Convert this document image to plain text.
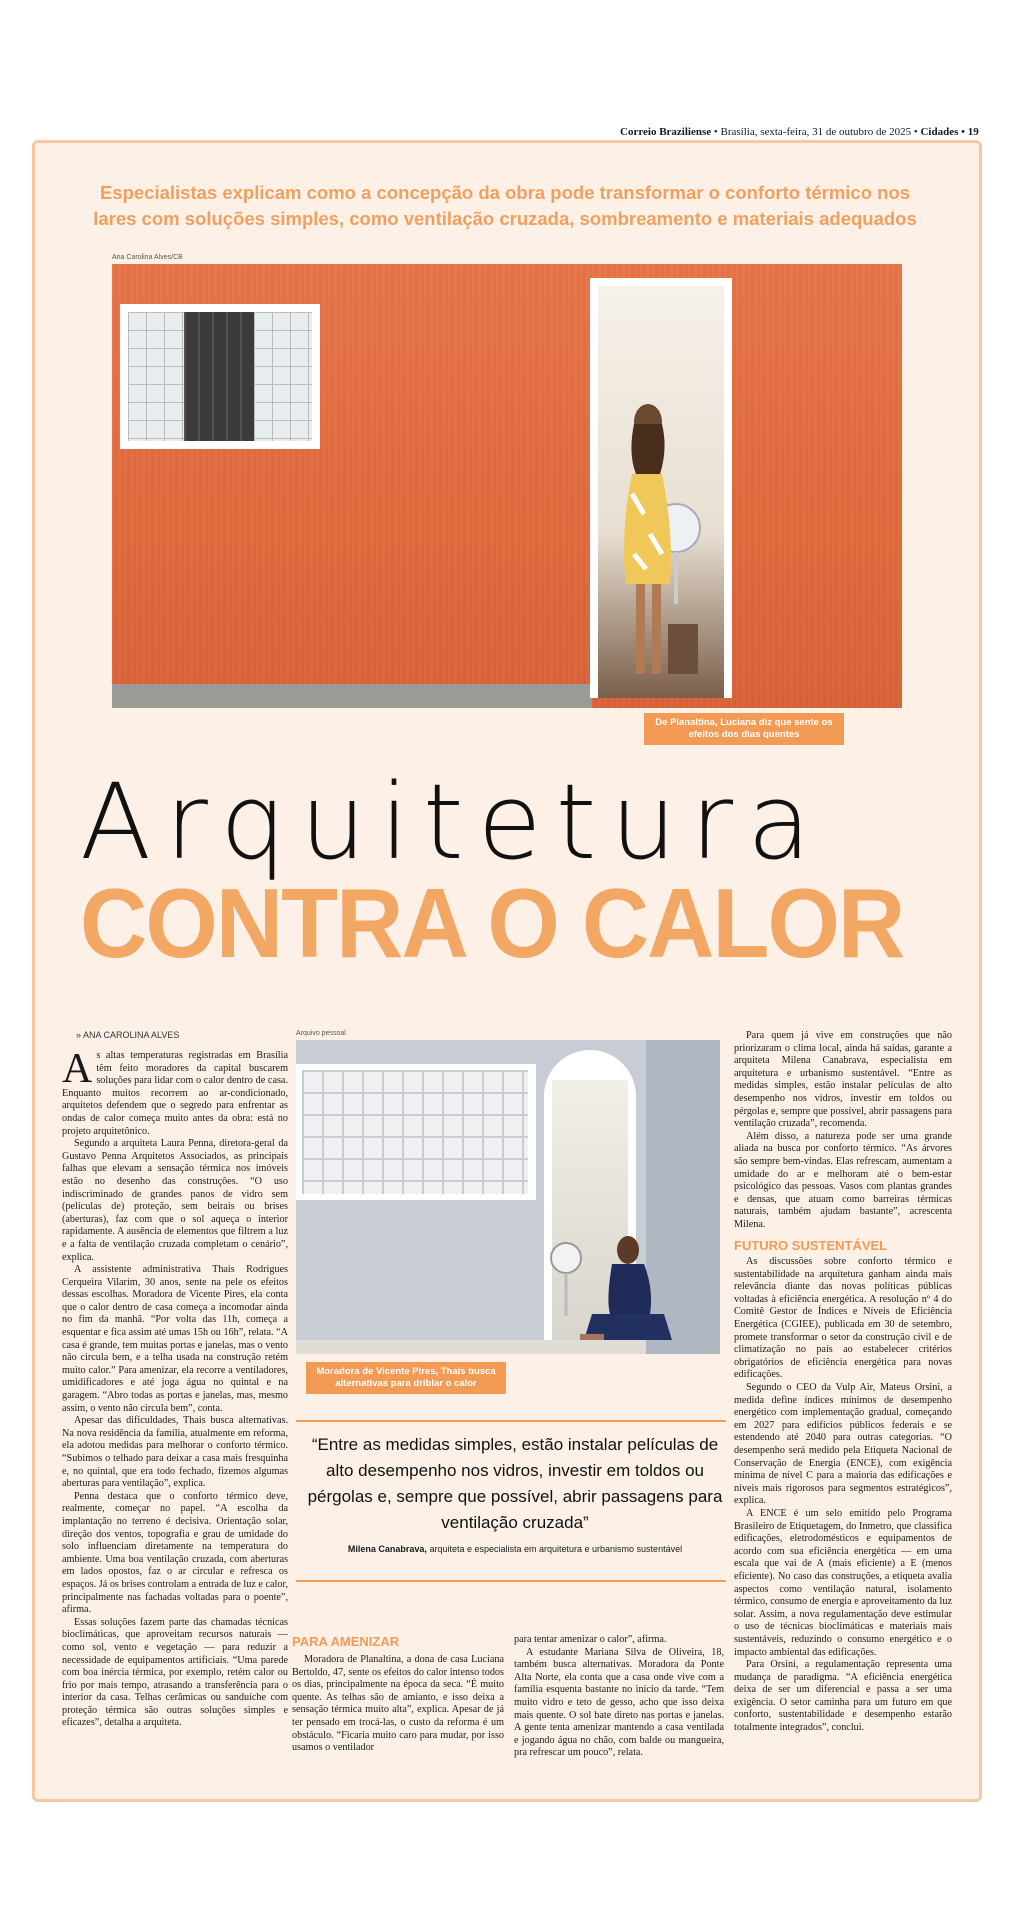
Correio Braziliense • Brasília, sexta-feira, 31 de outubro de 2025 • Cidades • 19
Especialistas explicam como a concepção da obra pode transformar o conforto térmico nos lares com soluções simples, como ventilação cruzada, sombreamento e materiais adequados
Ana Carolina Alves/CB
De Planaltina, Luciana diz que sente os efeitos dos dias quentes
Arquitetura
CONTRA O CALOR
» ANA CAROLINA ALVES

As altas temperaturas registradas em Brasília têm feito moradores da capital buscarem soluções para lidar com o calor dentro de casa. Enquanto muitos recorrem ao ar-condicionado, arquitetos defendem que o segredo para enfrentar as ondas de calor começa muito antes da obra: está no projeto arquitetônico.

Segundo a arquiteta Laura Penna, diretora-geral da Gustavo Penna Arquitetos Associados, as principais falhas que elevam a sensação térmica nos imóveis estão no desenho das construções. “O uso indiscriminado de grandes panos de vidro sem (películas de) proteção, sem beirais ou brises (aberturas), faz com que o sol aqueça o interior rapidamente. A ausência de elementos que filtrem a luz e a falta de ventilação cruzada completam o cenário”, explica.

A assistente administrativa Thais Rodrigues Cerqueira Vilarim, 30 anos, sente na pele os efeitos dessas escolhas. Moradora de Vicente Pires, ela conta que o calor dentro de casa começa a incomodar ainda no fim da manhã. “Por volta das 11h, começa a esquentar e fica assim até umas 15h ou 16h”, relata. “A casa é grande, tem muitas portas e janelas, mas o vento não circula bem, e a telha usada na construção retém muito calor.” Para amenizar, ela recorre a ventiladores, umidificadores e até joga água no quintal e na garagem. “Abro todas as portas e janelas, mas, mesmo assim, o vento não circula bem”, conta.

Apesar das dificuldades, Thais busca alternativas. Na nova residência da família, atualmente em reforma, ela adotou medidas para melhorar o conforto térmico. “Subimos o telhado para deixar a casa mais fresquinha e, no quintal, que era todo fechado, fizemos algumas aberturas para ventilação”, explica.

Penna destaca que o conforto térmico deve, realmente, começar no papel. “A escolha da implantação no terreno é decisiva. Orientação solar, direção dos ventos, topografia e grau de umidade do solo influenciam diretamente na temperatura do ambiente. Uma boa ventilação cruzada, com aberturas em lados opostos, faz o ar circular e refresca os espaços. Já os brises controlam a entrada de luz e calor, principalmente nas fachadas voltadas para o poente”, afirma.

Essas soluções fazem parte das chamadas técnicas bioclimáticas, que aproveitam recursos naturais — como sol, vento e vegetação — para reduzir a necessidade de equipamentos artificiais. “Uma parede com boa inércia térmica, por exemplo, retém calor ou frio por mais tempo, atrasando a transferência para o interior da casa. Telhas cerâmicas ou sanduíche com proteção térmica são outras soluções simples e eficazes”, detalha a arquiteta.

Arquivo pessoal
Moradora de Vicente Pires, Thais busca alternativas para driblar o calor
“Entre as medidas simples, estão instalar películas de alto desempenho nos vidros, investir em toldos ou pérgolas e, sempre que possível, abrir passagens para ventilação cruzada”
Milena Canabrava, arquiteta e especialista em arquitetura e urbanismo sustentável
PARA AMENIZAR

Moradora de Planaltina, a dona de casa Luciana Bertoldo, 47, sente os efeitos do calor intenso todos os dias, principalmente na época da seca. “É muito quente. As telhas são de amianto, e isso deixa a sensação térmica muito alta”, explica. Apesar de já ter pensado em trocá-las, o custo da reforma é um obstáculo. “Ficaria muito caro para mudar, por isso usamos o ventilador

para tentar amenizar o calor”, afirma.

A estudante Mariana Silva de Oliveira, 18, também busca alternativas. Moradora da Ponte Alta Norte, ela conta que a casa onde vive com a família esquenta bastante no início da tarde. “Tem muito vidro e teto de gesso, acho que isso deixa mais quente. O sol bate direto nas portas e janelas. A gente tenta amenizar mantendo a casa ventilada e jogando água no chão, com balde ou mangueira, pra refrescar um pouco”, relata.

Para quem já vive em construções que não priorizaram o clima local, ainda há saídas, garante a arquiteta Milena Canabrava, especialista em arquitetura e urbanismo sustentável. “Entre as medidas simples, estão instalar películas de alto desempenho nos vidros, investir em toldos ou pérgolas e, sempre que possível, abrir passagens para ventilação cruzada”, recomenda.

Além disso, a natureza pode ser uma grande aliada na busca por conforto térmico. “As árvores são sempre bem-vindas. Elas refrescam, aumentam a umidade do ar e melhoram até o bem-estar psicológico das pessoas. Vasos com plantas grandes e densas, que atuam como barreiras térmicas naturais, também ajudam bastante”, acrescenta Milena.

FUTURO SUSTENTÁVEL

As discussões sobre conforto térmico e sustentabilidade na arquitetura ganham ainda mais relevância diante das novas políticas públicas voltadas à eficiência energética. A resolução nº 4 do Comitê Gestor de Índices e Níveis de Eficiência Energética (CGIEE), publicada em 30 de setembro, promete transformar o setor da construção civil e de climatização no país ao estabelecer critérios obrigatórios de eficiência energética para novas edificações.

Segundo o CEO da Vulp Air, Mateus Orsini, a medida define índices mínimos de desempenho energético com implementação gradual, começando em 2027 para edifícios públicos federais e se estendendo até 2040 para outras categorias. “O desempenho será medido pela Etiqueta Nacional de Conservação de Energia (ENCE), com exigência mínima de nível C para a maioria das edificações e níveis mais rigorosos para segmentos estratégicos”, explica.

A ENCE é um selo emitido pelo Programa Brasileiro de Etiquetagem, do Inmetro, que classifica edificações, eletrodomésticos e equipamentos de acordo com sua eficiência energética — em uma escala que vai de A (mais eficiente) a E (menos eficiente). No caso das construções, a etiqueta avalia aspectos como ventilação natural, isolamento térmico, consumo de energia e aproveitamento da luz solar. Assim, a nova regulamentação deve estimular o uso de técnicas bioclimáticas e materiais mais sustentáveis, reduzindo o consumo energético e o impacto ambiental das edificações.

Para Orsini, a regulamentação representa uma mudança de paradigma. “A eficiência energética deixa de ser um diferencial e passa a ser uma exigência. O setor caminha para um futuro em que conforto, sustentabilidade e desempenho estarão totalmente integrados”, conclui.
